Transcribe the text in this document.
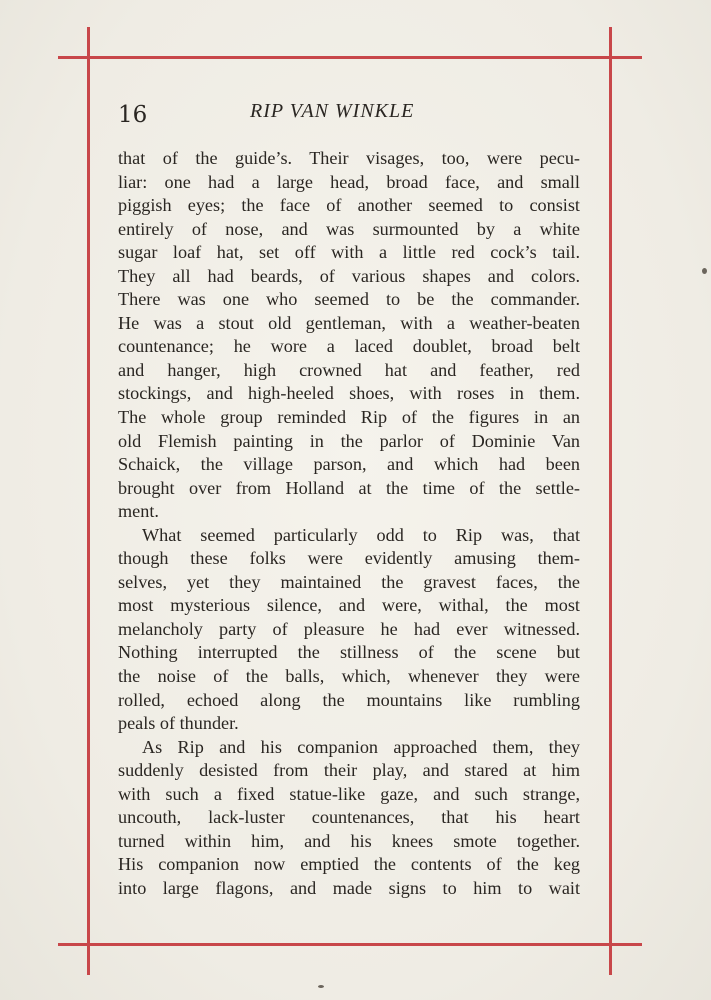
16	RIP VAN WINKLE
that of the guide’s. Their visages, too, were pecu-
liar: one had a large head, broad face, and small
piggish eyes; the face of another seemed to consist
entirely of nose, and was surmounted by a white
sugar loaf hat, set off with a little red cock’s tail.
They all had beards, of various shapes and colors.
There was one who seemed to be the commander.
He was a stout old gentleman, with a weather-beaten
countenance; he wore a laced doublet, broad belt
and hanger, high crowned hat and feather, red
stockings, and high-heeled shoes, with roses in them.
The whole group reminded Rip of the figures in an
old Flemish painting in the parlor of Dominie Van
Schaick, the village parson, and which had been
brought over from Holland at the time of the settle-
ment.
What seemed particularly odd to Rip was, that
though these folks were evidently amusing them-
selves, yet they maintained the gravest faces, the
most mysterious silence, and were, withal, the most
melancholy party of pleasure he had ever witnessed.
Nothing interrupted the stillness of the scene but
the noise of the balls, which, whenever they were
rolled, echoed along the mountains like rumbling
peals of thunder.
As Rip and his companion approached them, they
suddenly desisted from their play, and stared at him
with such a fixed statue-like gaze, and such strange,
uncouth, lack-luster countenances, that his heart
turned within him, and his knees smote together.
His companion now emptied the contents of the keg
into large flagons, and made signs to him to wait
